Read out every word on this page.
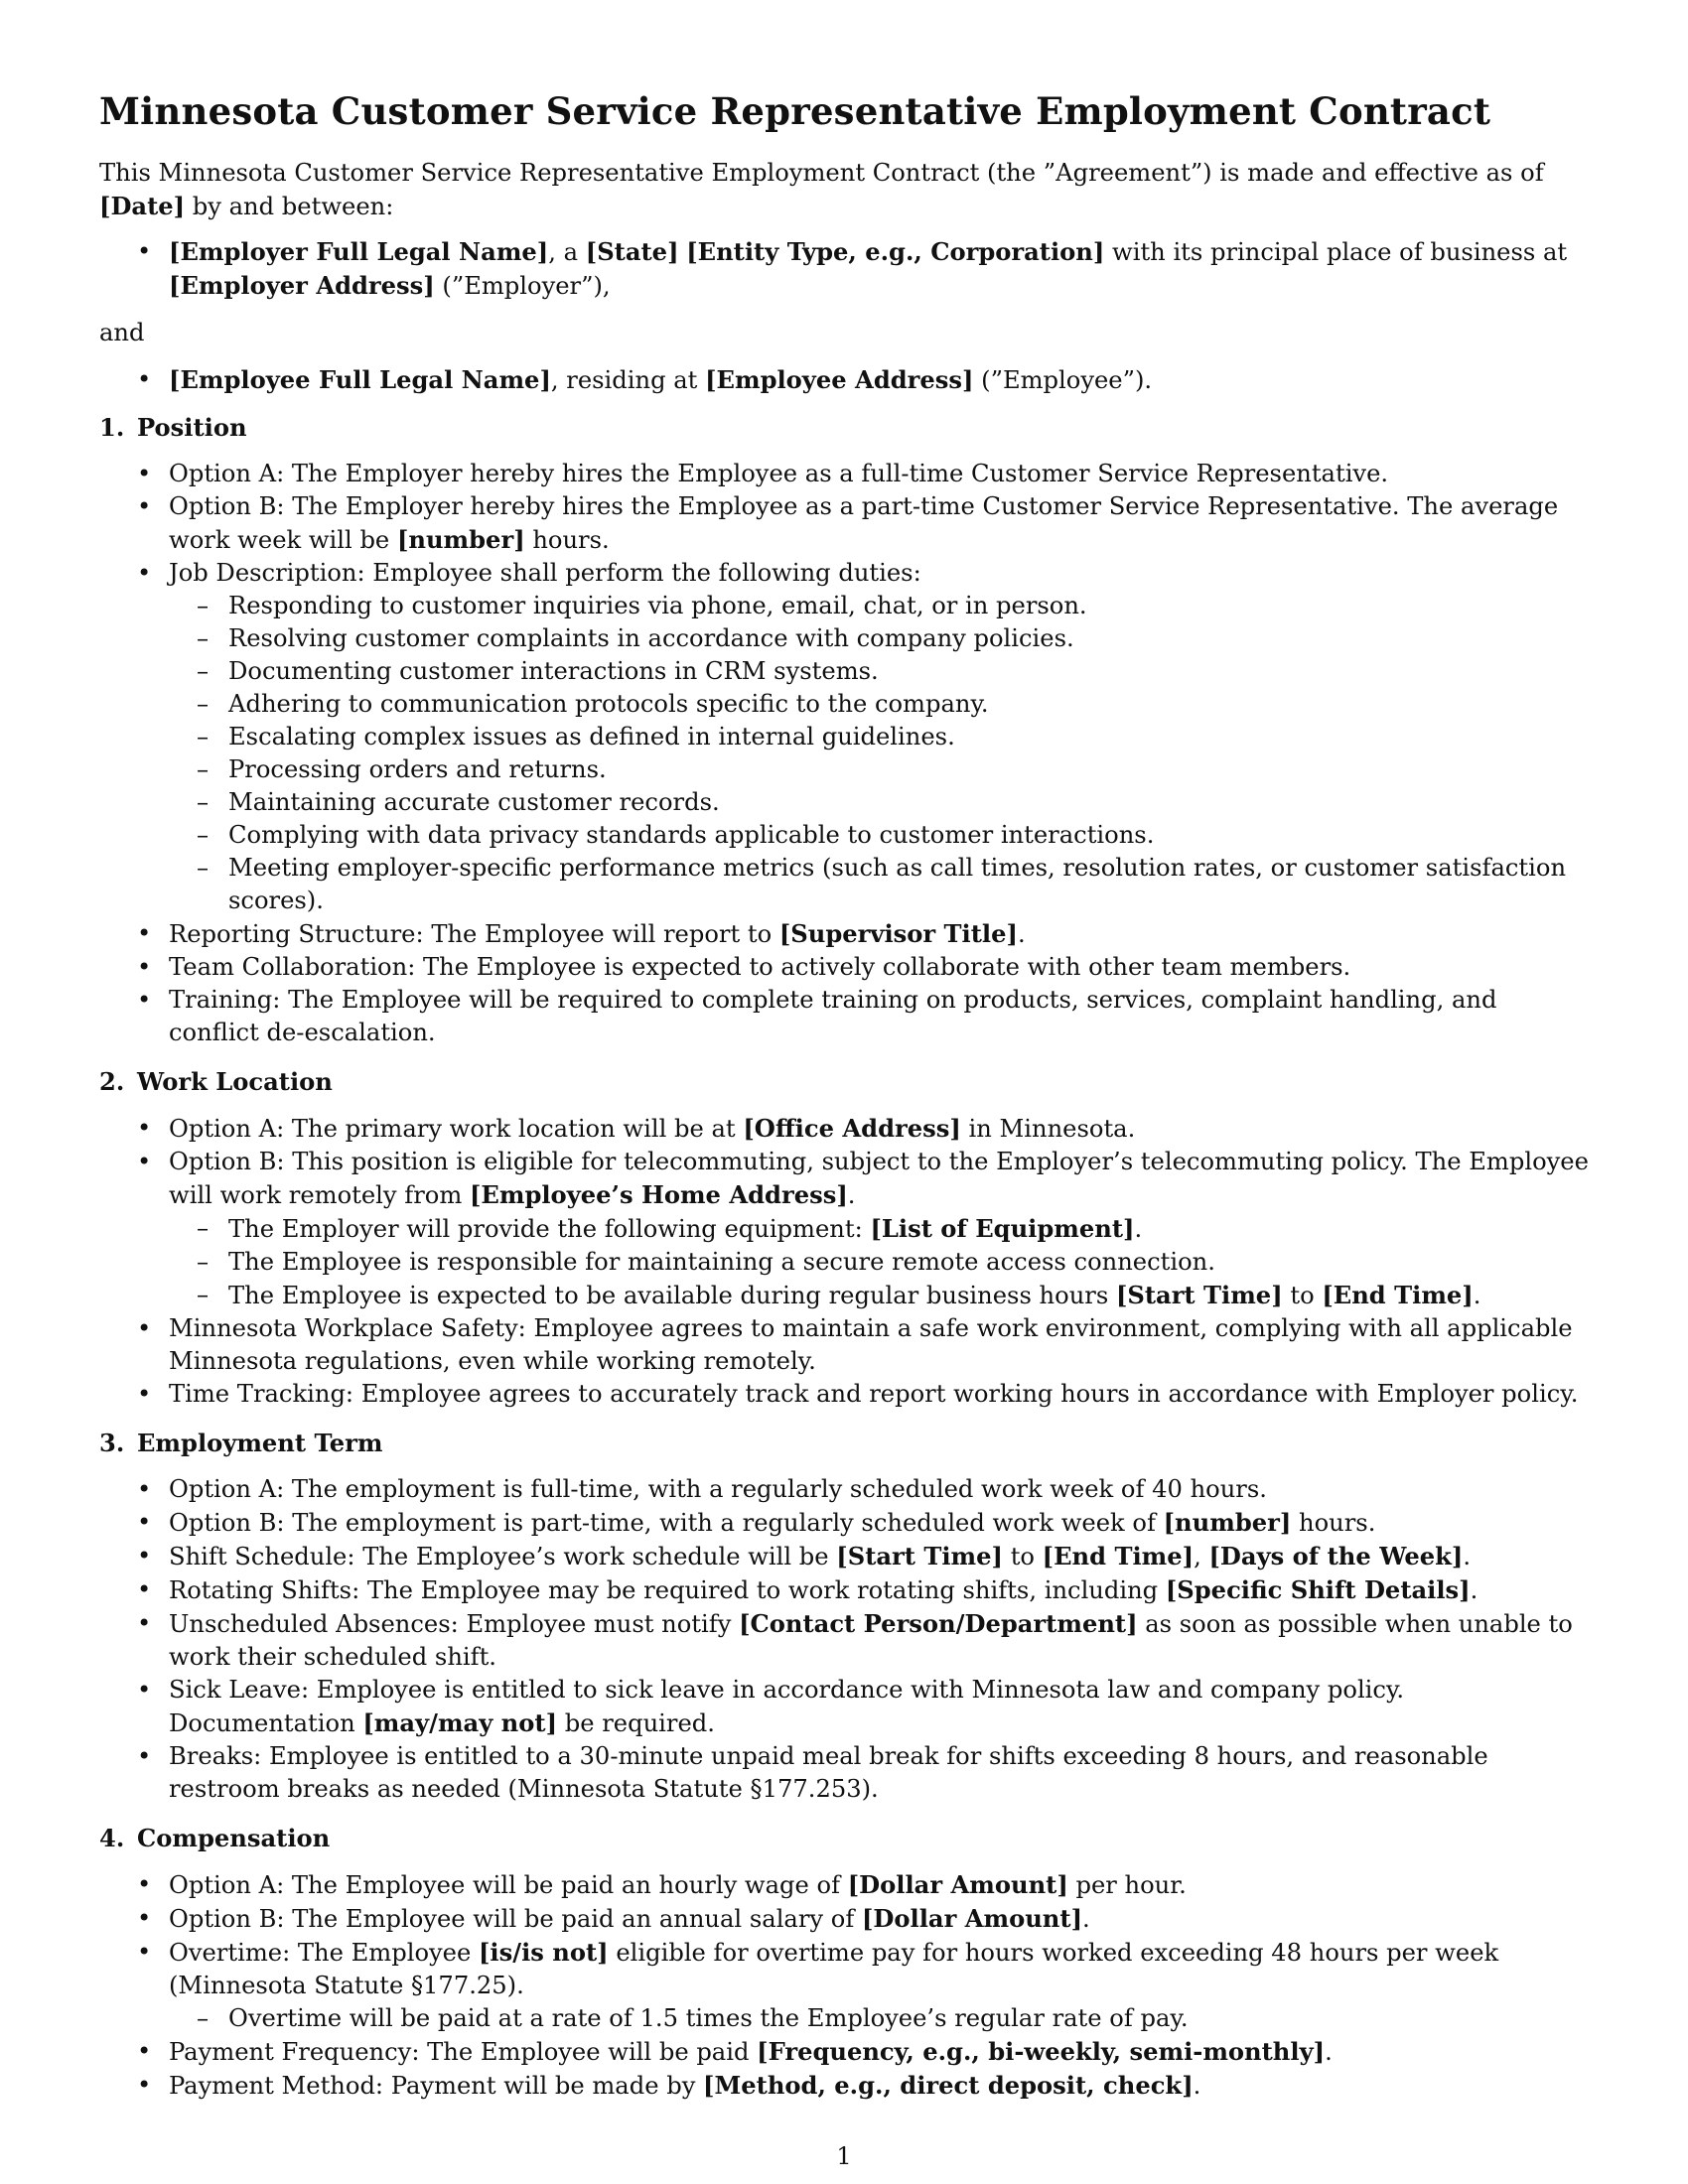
Minnesota Customer Service Representative Employment Contract

This Minnesota Customer Service Representative Employment Contract (the ”Agreement”) is made and effective as of [Date] by and between:

• [Employer Full Legal Name], a [State] [Entity Type, e.g., Corporation] with its principal place of business at [Employer Address] (”Employer”),

and

• [Employee Full Legal Name], residing at [Employee Address] (”Employee”).
1. Position
• Option A: The Employer hereby hires the Employee as a full-time Customer Service Representative.
• Option B: The Employer hereby hires the Employee as a part-time Customer Service Representative. The average work week will be [number] hours.
• Job Description: Employee shall perform the following duties:
– Responding to customer inquiries via phone, email, chat, or in person.
– Resolving customer complaints in accordance with company policies.
– Documenting customer interactions in CRM systems.
– Adhering to communication protocols specific to the company.
– Escalating complex issues as defined in internal guidelines.
– Processing orders and returns.
– Maintaining accurate customer records.
– Complying with data privacy standards applicable to customer interactions.
– Meeting employer-specific performance metrics (such as call times, resolution rates, or customer satisfaction scores).
• Reporting Structure: The Employee will report to [Supervisor Title].
• Team Collaboration: The Employee is expected to actively collaborate with other team members.
• Training: The Employee will be required to complete training on products, services, complaint handling, and conflict de-escalation.
2. Work Location
• Option A: The primary work location will be at [Office Address] in Minnesota.
• Option B: This position is eligible for telecommuting, subject to the Employer’s telecommuting policy. The Employee will work remotely from [Employee’s Home Address].
– The Employer will provide the following equipment: [List of Equipment].
– The Employee is responsible for maintaining a secure remote access connection.
– The Employee is expected to be available during regular business hours [Start Time] to [End Time].
• Minnesota Workplace Safety: Employee agrees to maintain a safe work environment, complying with all applicable Minnesota regulations, even while working remotely.
• Time Tracking: Employee agrees to accurately track and report working hours in accordance with Employer policy.
3. Employment Term
• Option A: The employment is full-time, with a regularly scheduled work week of 40 hours.
• Option B: The employment is part-time, with a regularly scheduled work week of [number] hours.
• Shift Schedule: The Employee’s work schedule will be [Start Time] to [End Time], [Days of the Week].
• Rotating Shifts: The Employee may be required to work rotating shifts, including [Specific Shift Details].
• Unscheduled Absences: Employee must notify [Contact Person/Department] as soon as possible when unable to work their scheduled shift.
• Sick Leave: Employee is entitled to sick leave in accordance with Minnesota law and company policy. Documentation [may/may not] be required.
• Breaks: Employee is entitled to a 30-minute unpaid meal break for shifts exceeding 8 hours, and reasonable restroom breaks as needed (Minnesota Statute §177.253).
4. Compensation
• Option A: The Employee will be paid an hourly wage of [Dollar Amount] per hour.
• Option B: The Employee will be paid an annual salary of [Dollar Amount].
• Overtime: The Employee [is/is not] eligible for overtime pay for hours worked exceeding 48 hours per week (Minnesota Statute §177.25).
– Overtime will be paid at a rate of 1.5 times the Employee’s regular rate of pay.
• Payment Frequency: The Employee will be paid [Frequency, e.g., bi-weekly, semi-monthly].
• Payment Method: Payment will be made by [Method, e.g., direct deposit, check].
1
